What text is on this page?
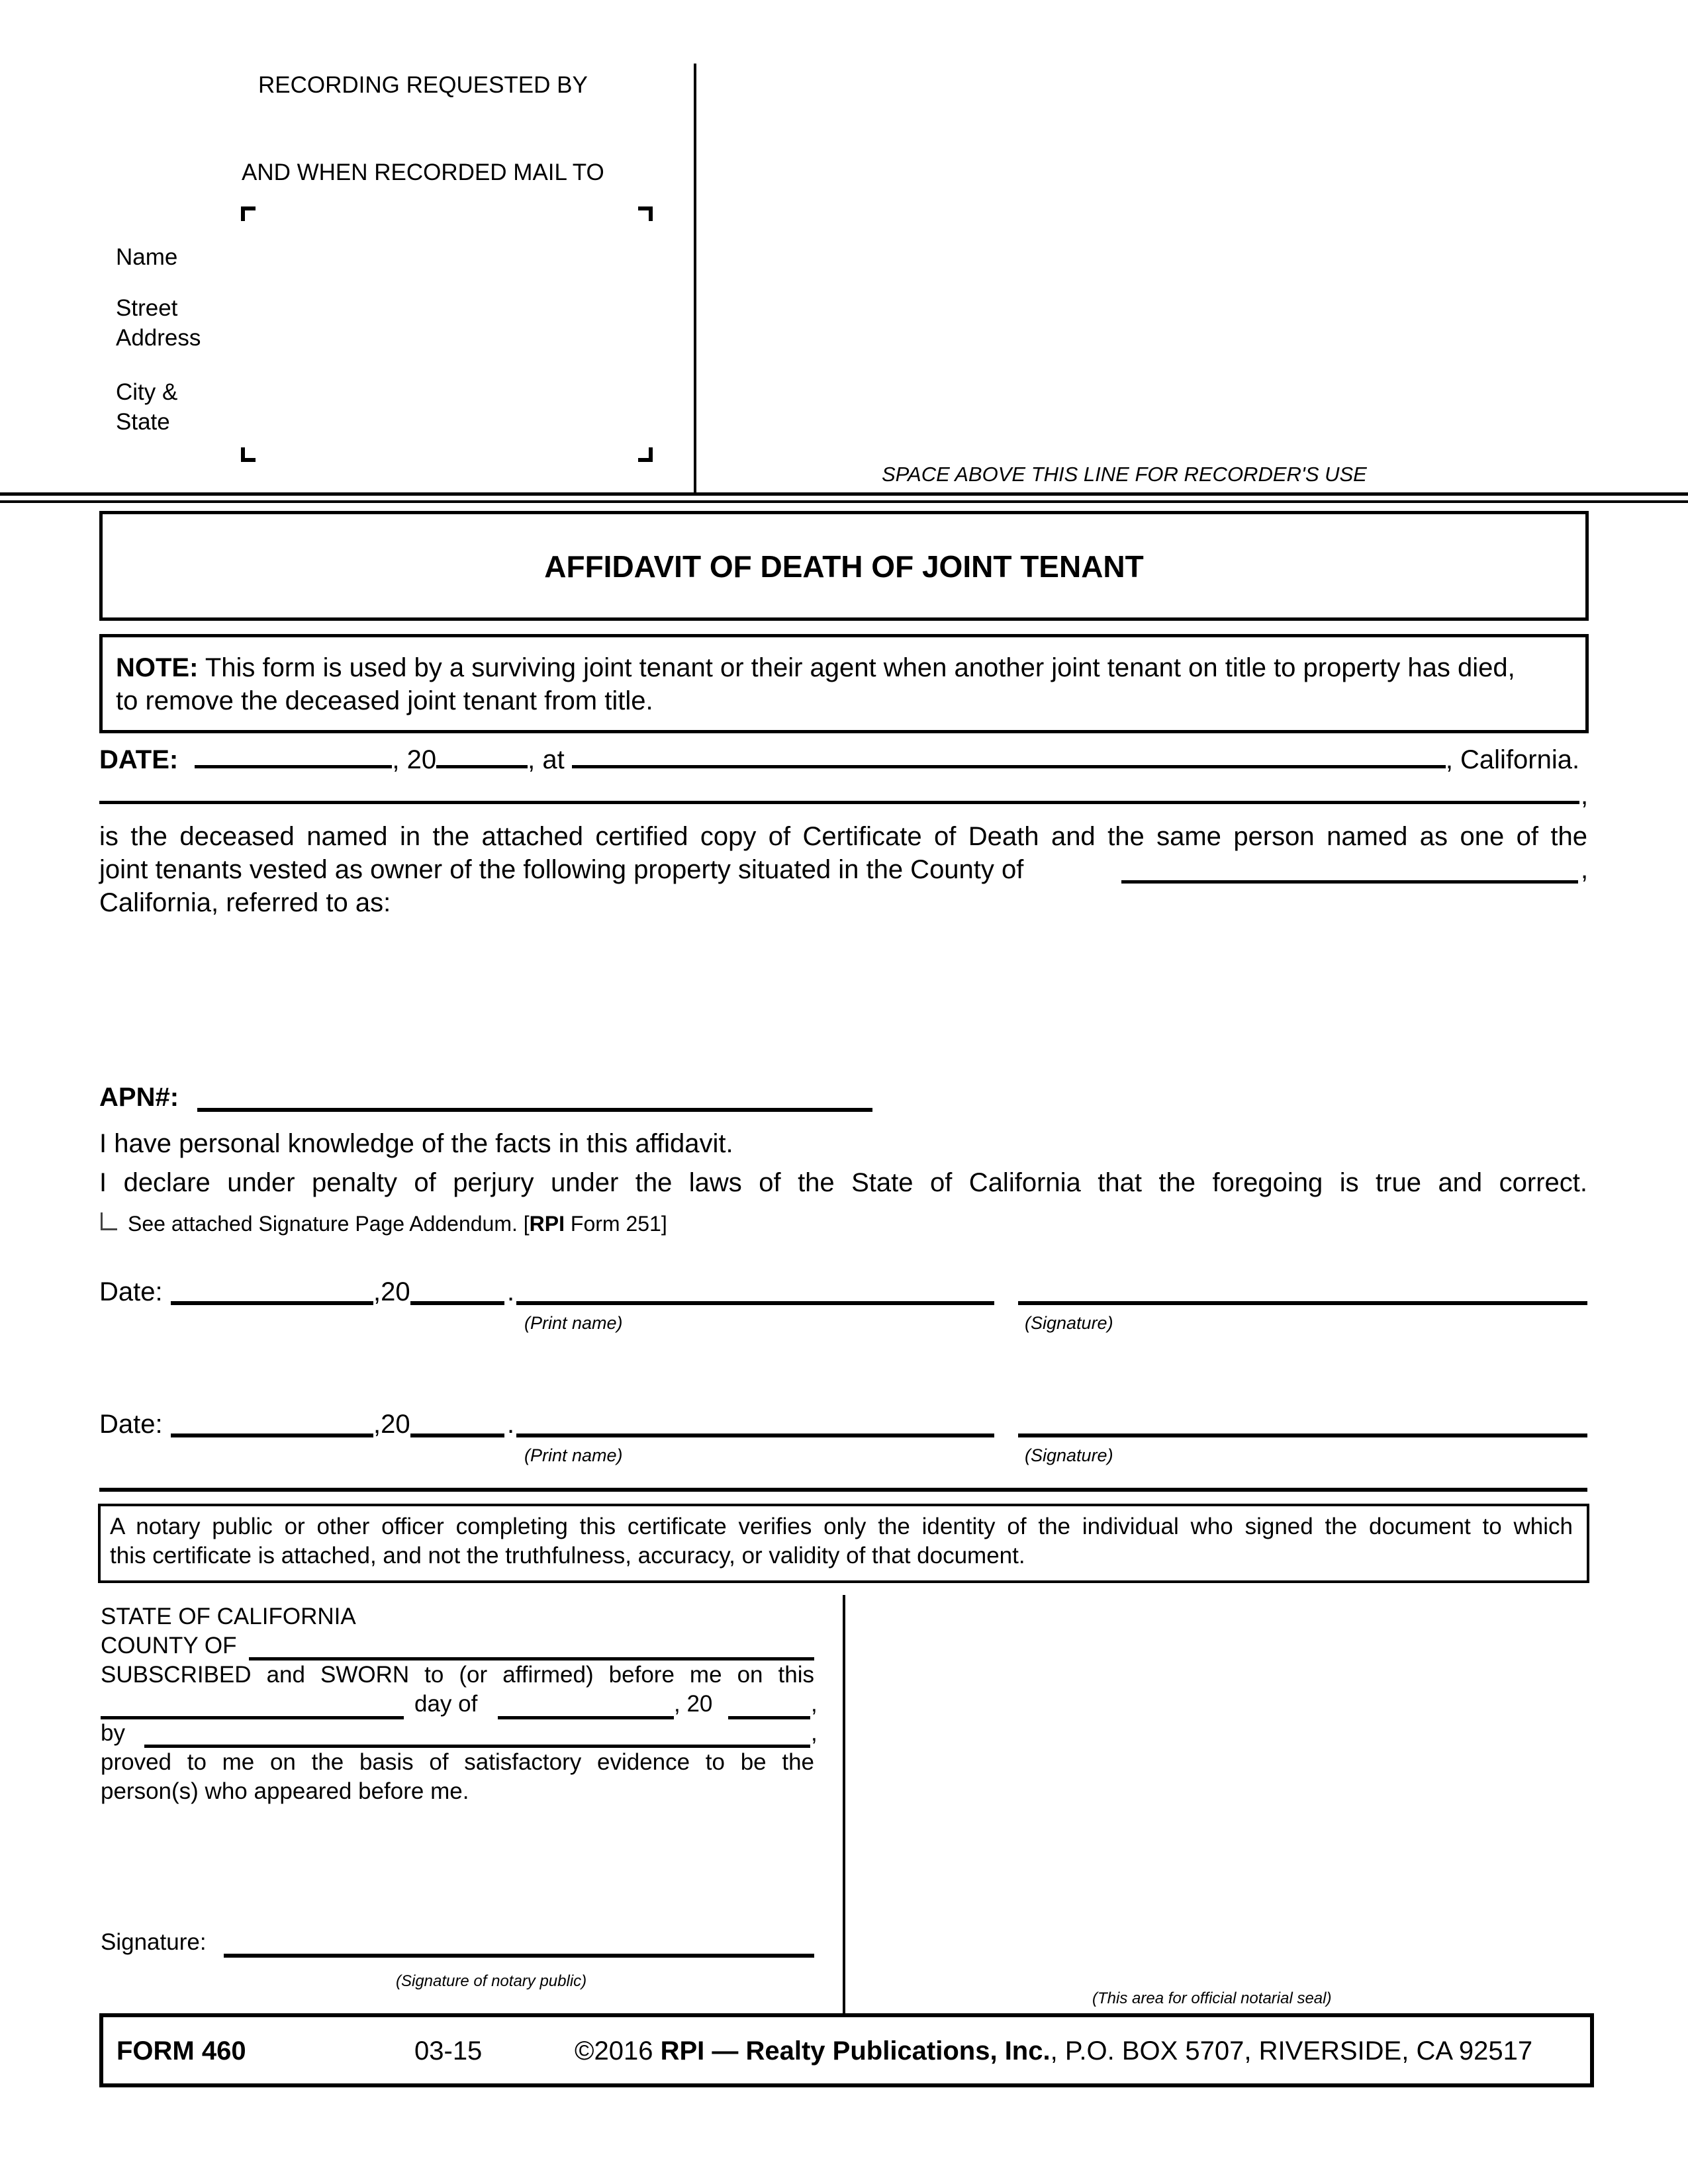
RECORDING REQUESTED BY
AND WHEN RECORDED MAIL TO
Name
Street
Address
City &
State
SPACE ABOVE THIS LINE FOR RECORDER'S USE
AFFIDAVIT OF DEATH OF JOINT TENANT
NOTE: This form is used by a surviving joint tenant or their agent when another joint tenant on title to property has died,
to remove the deceased joint tenant from title.
DATE:	, 20	, at	, California.
,
is the deceased named in the attached certified copy of Certificate of Death and the same person named as one of the
joint tenants vested as owner of the following property situated in the County of	,
California, referred to as:
APN#:
I have personal knowledge of the facts in this affidavit.
I declare under penalty of perjury under the laws of the State of California that the foregoing is true and correct.
See attached Signature Page Addendum. [RPI Form 251]
Date:	,20	.
(Print name)	(Signature)
Date:	,20	.
(Print name)	(Signature)
A notary public or other officer completing this certificate verifies only the identity of the individual who signed the document to which
this certificate is attached, and not the truthfulness, accuracy, or validity of that document.
STATE OF CALIFORNIA
COUNTY OF
SUBSCRIBED and SWORN to (or affirmed) before me on this
day of	, 20	,
by	,
proved to me on the basis of satisfactory evidence to be the
person(s) who appeared before me.
Signature:
(Signature of notary public)
(This area for official notarial seal)
FORM 460	03-15	©2016 RPI — Realty Publications, Inc., P.O. BOX 5707, RIVERSIDE, CA 92517
